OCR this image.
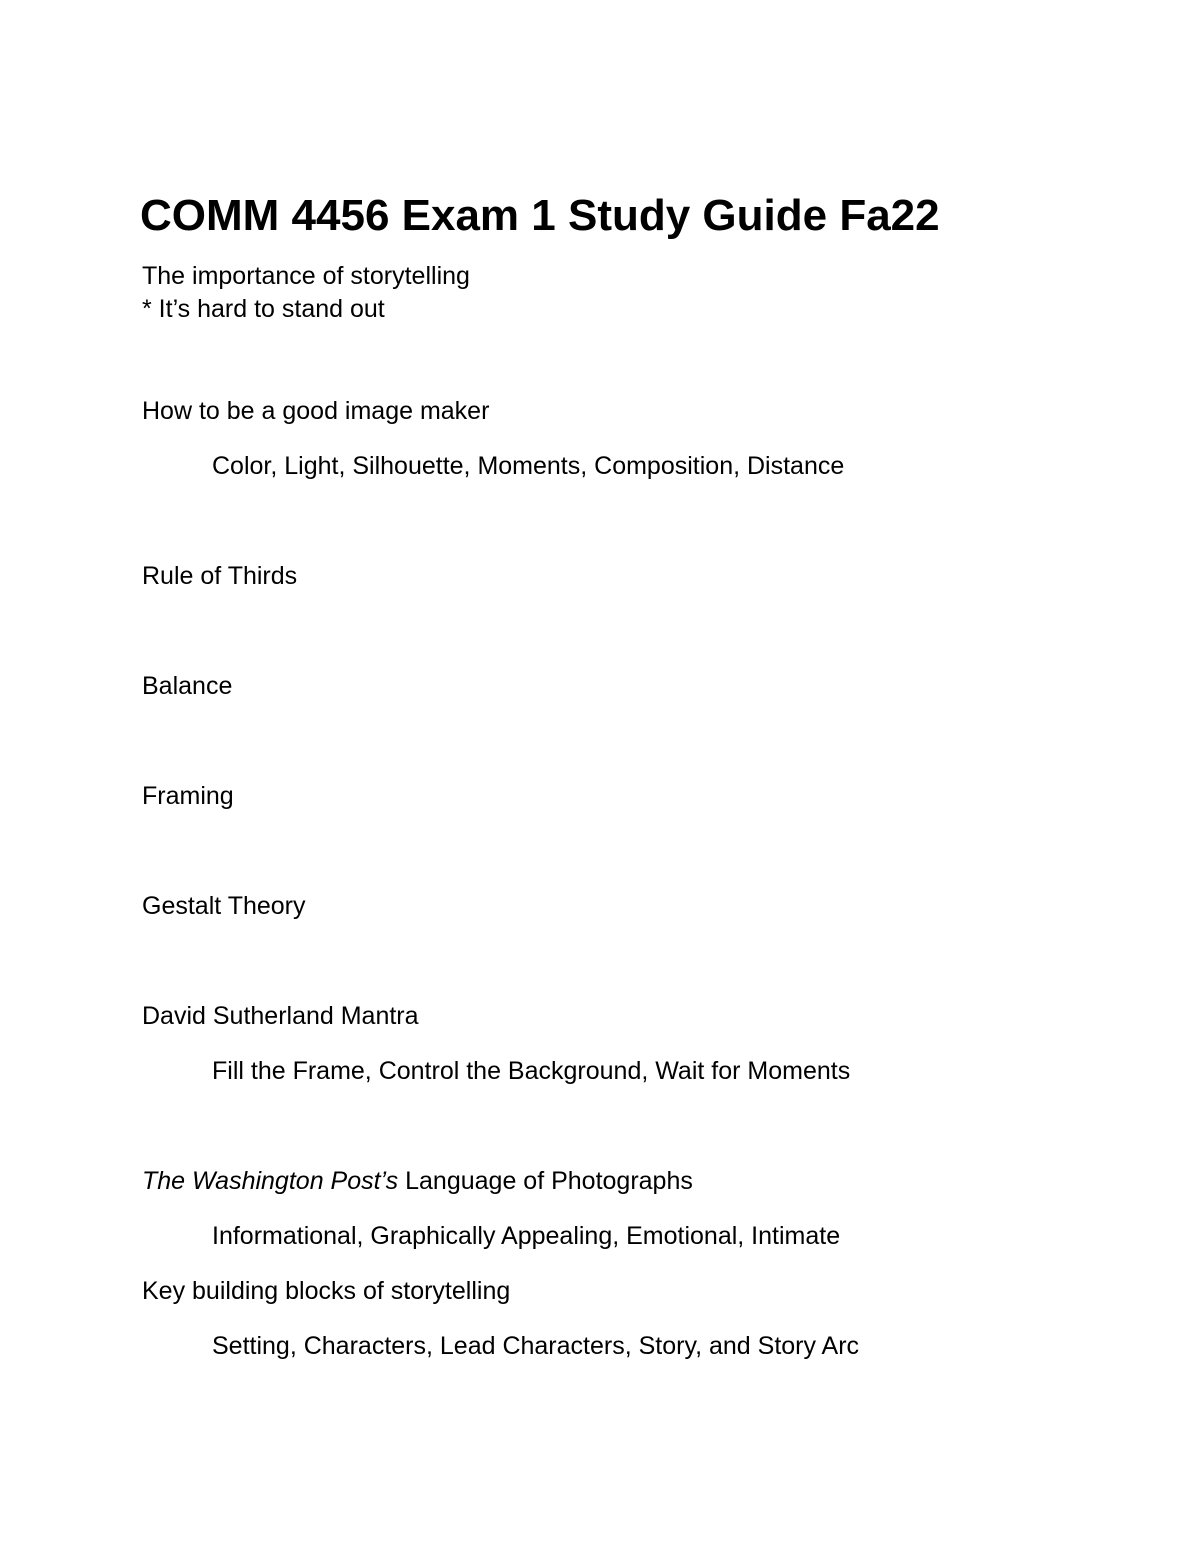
COMM 4456 Exam 1 Study Guide Fa22
The importance of storytelling
* It’s hard to stand out
How to be a good image maker
Color, Light, Silhouette, Moments, Composition, Distance
Rule of Thirds
Balance
Framing
Gestalt Theory
David Sutherland Mantra
Fill the Frame, Control the Background, Wait for Moments
The Washington Post’s Language of Photographs
Informational, Graphically Appealing, Emotional, Intimate
Key building blocks of storytelling
Setting, Characters, Lead Characters, Story, and Story Arc
